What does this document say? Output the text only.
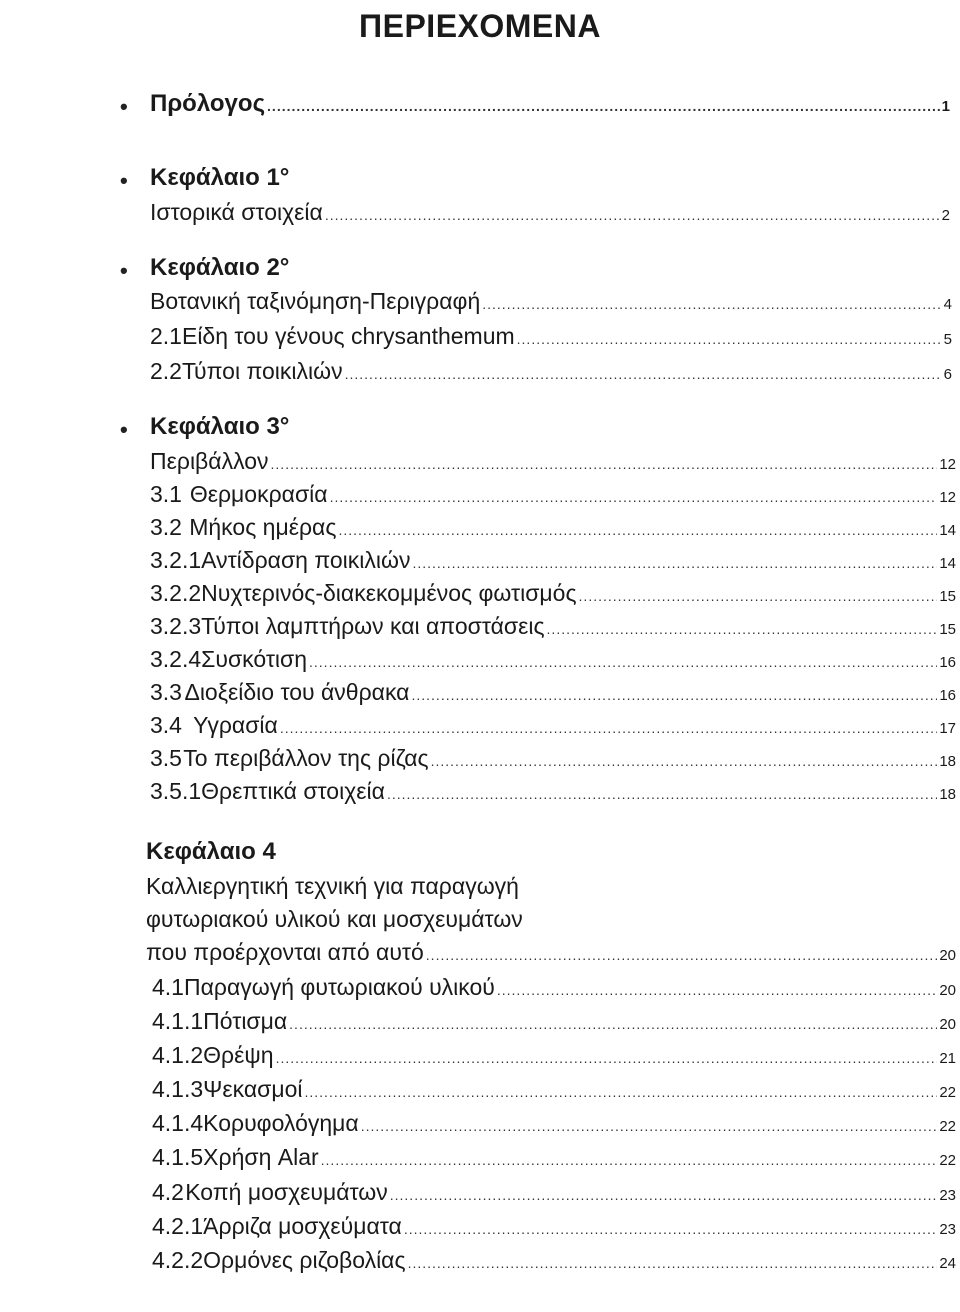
ΠΕΡΙΕΧΟΜΕΝΑ
• Πρόλογος .....	1
• Κεφάλαιο 1°
Ιστορικά στοιχεία .....	2
• Κεφάλαιο 2°
Βοτανική ταξινόμηση-Περιγραφή .....	4
2.1 Είδη του γένους chrysanthemum .....	5
2.2 Τύποι ποικιλιών .....	6
• Κεφάλαιο 3°
Περιβάλλον .....	12
3.1 Θερμοκρασία .....	12
3.2 Μήκος ημέρας .....	14
3.2.1 Αντίδραση ποικιλιών .....	14
3.2.2 Νυχτερινός-διακεκομμένος φωτισμός .....	15
3.2.3 Τύποι λαμπτήρων και αποστάσεις .....	15
3.2.4 Συσκότιση .....	16
3.3 Διοξείδιο του άνθρακα .....	16
3.4 Υγρασία .....	17
3.5 Το περιβάλλον της ρίζας .....	18
3.5.1 Θρεπτικά στοιχεία .....	18
Κεφάλαιο 4
Καλλιεργητική τεχνική για παραγωγή
φυτωριακού υλικού και μοσχευμάτων
που προέρχονται από αυτό .....	20
4.1 Παραγωγή φυτωριακού υλικού .....	20
4.1.1 Πότισμα .....	20
4.1.2 Θρέψη .....	21
4.1.3 Ψεκασμοί .....	22
4.1.4 Κορυφολόγημα .....	22
4.1.5 Χρήση Alar .....	22
4.2 Κοπή μοσχευμάτων .....	23
4.2.1 Άρριζα μοσχεύματα .....	23
4.2.2 Ορμόνες ριζοβολίας .....	24
